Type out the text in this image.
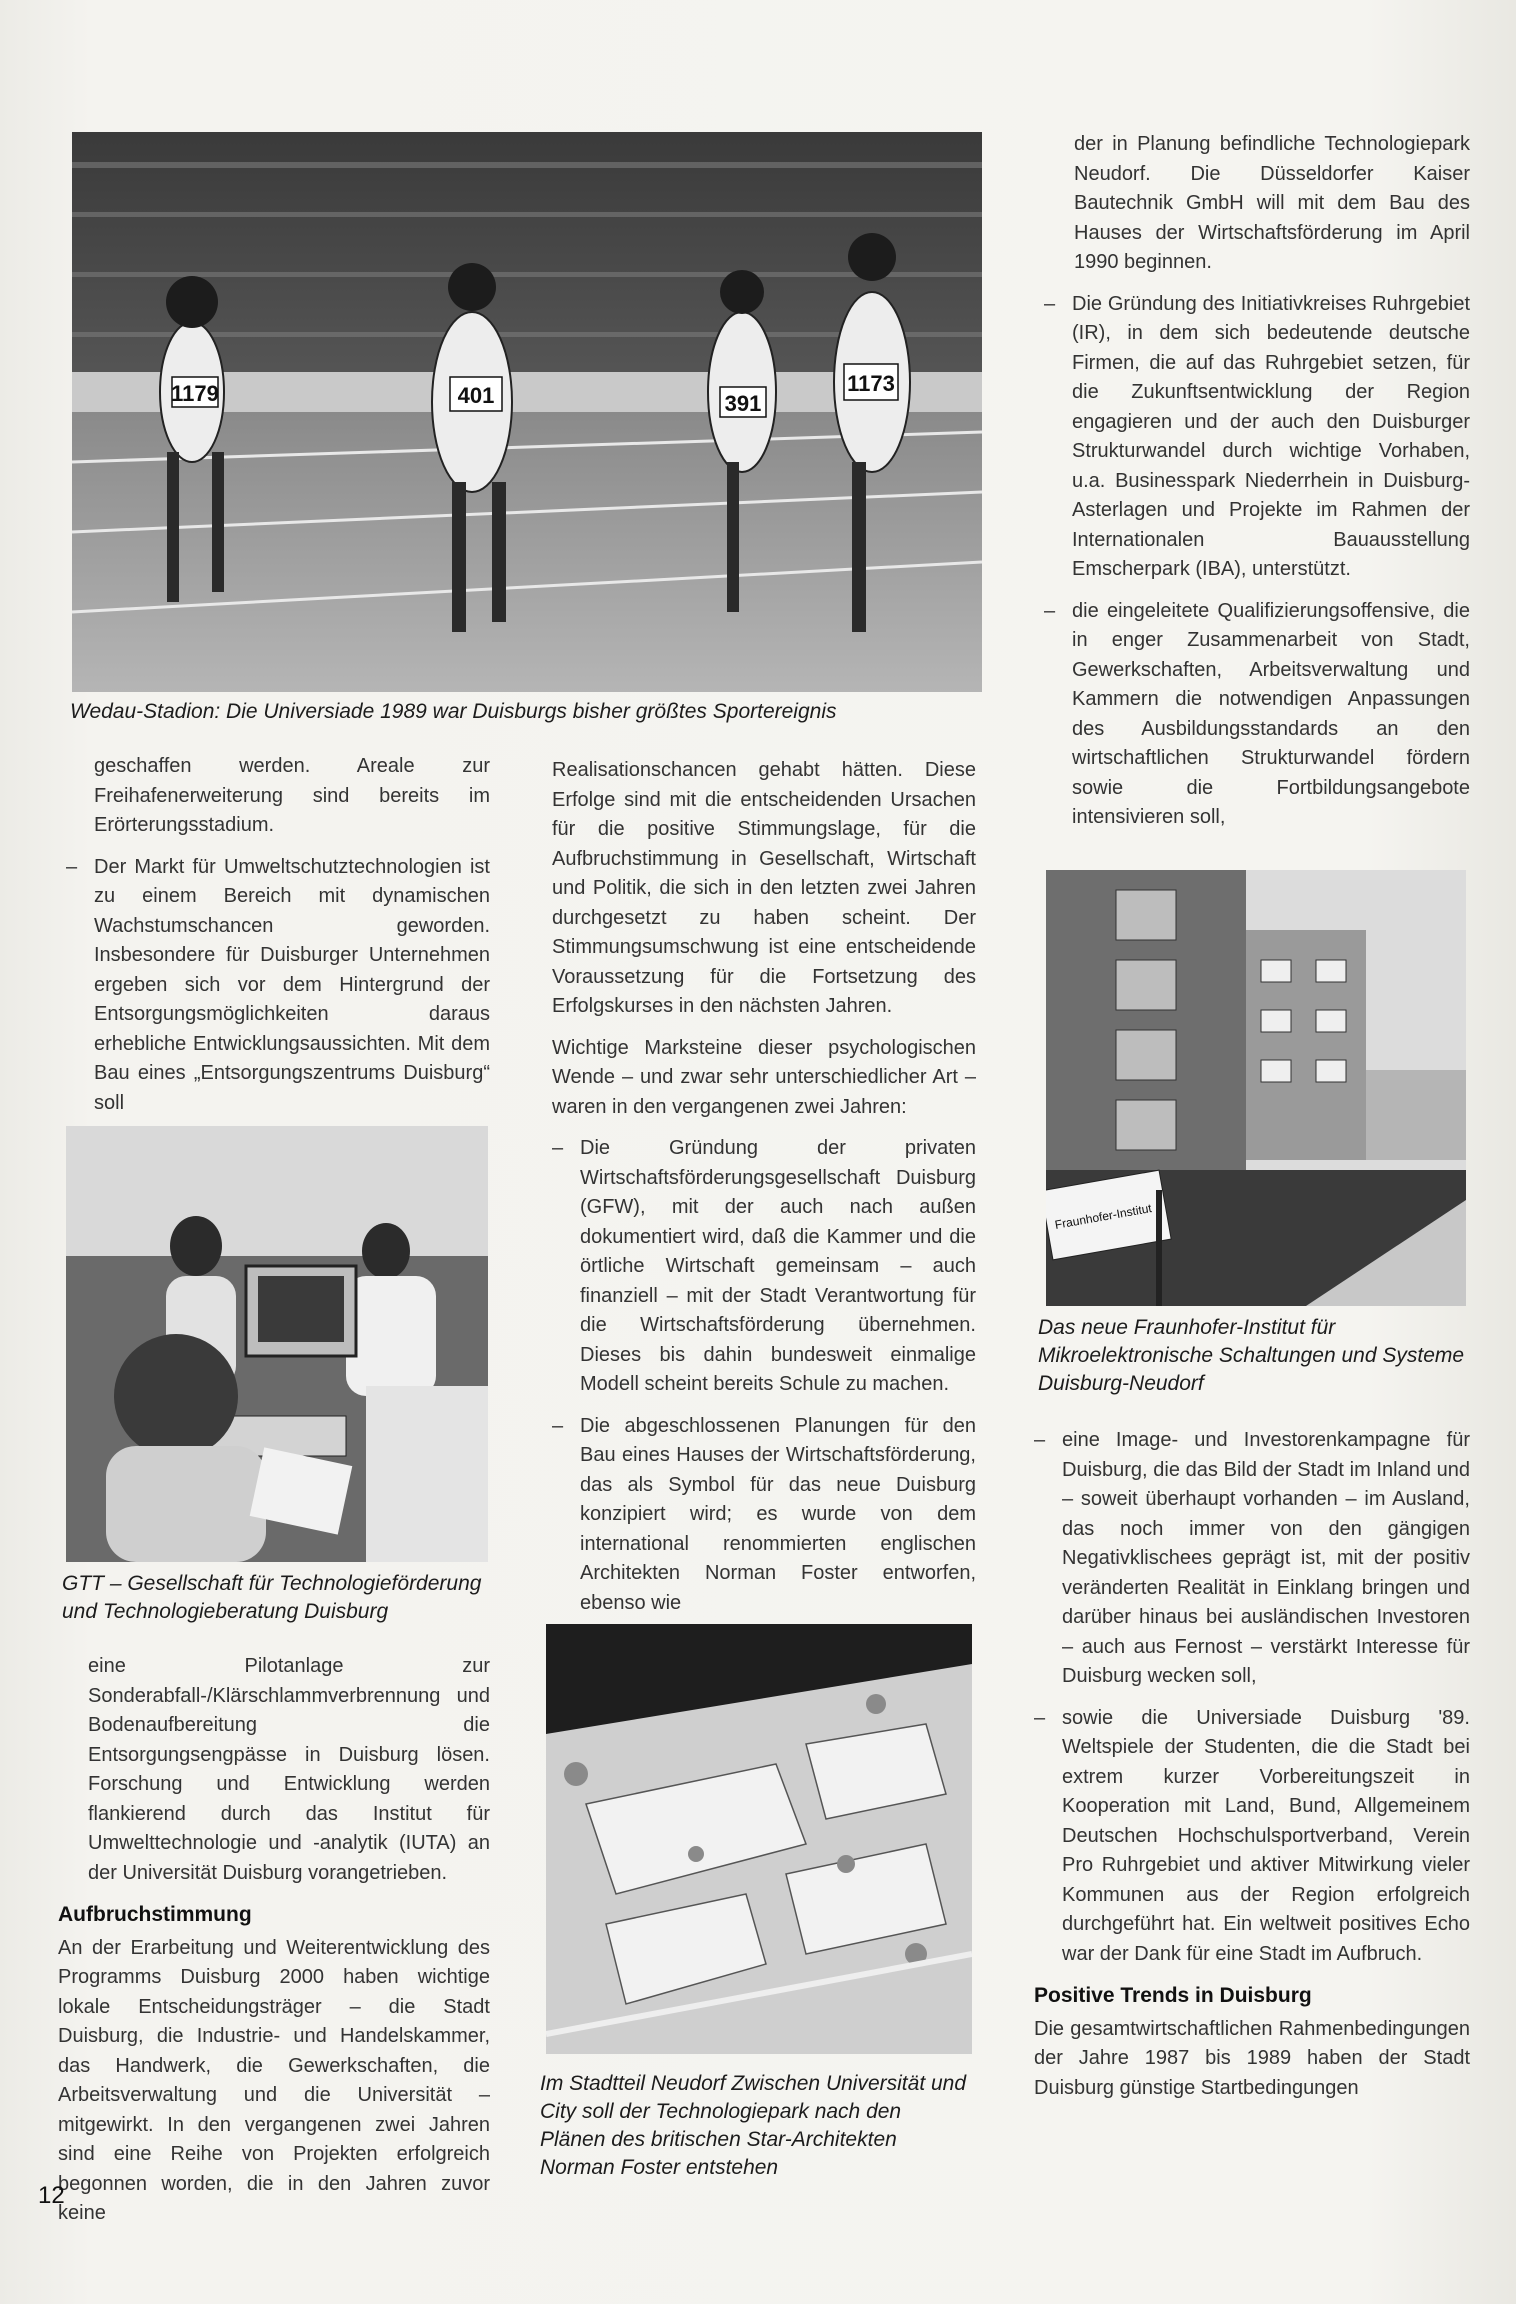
1179	401	391
1173

Wedau-Stadion: Die Universiade 1989 war Duisburgs bisher größtes Sportereignis

geschaffen werden. Areale zur Freihafenerweiterung sind bereits im Erörterungsstadium.

– Der Markt für Umweltschutztechnologien ist zu einem Bereich mit dynamischen Wachstumschancen geworden. Insbesondere für Duisburger Unternehmen ergeben sich vor dem Hintergrund der Entsorgungsmöglichkeiten daraus erhebliche Entwicklungsaussichten. Mit dem Bau eines „Entsorgungszentrums Duisburg“ soll

GTT – Gesellschaft für Technologieförderung und Technologieberatung Duisburg

eine Pilotanlage zur Sonderabfall-/Klärschlammverbrennung und Bodenaufbereitung die Entsorgungsengpässe in Duisburg lösen. Forschung und Entwicklung werden flankierend durch das Institut für Umwelttechnologie und -analytik (IUTA) an der Universität Duisburg vorangetrieben.

Aufbruchstimmung

An der Erarbeitung und Weiterentwicklung des Programms Duisburg 2000 haben wichtige lokale Entscheidungsträger – die Stadt Duisburg, die Industrie- und Handelskammer, das Handwerk, die Gewerkschaften, die Arbeitsverwaltung und die Universität – mitgewirkt. In den vergangenen zwei Jahren sind eine Reihe von Projekten erfolgreich begonnen worden, die in den Jahren zuvor keine

Realisationschancen gehabt hätten. Diese Erfolge sind mit die entscheidenden Ursachen für die positive Stimmungslage, für die Aufbruchstimmung in Gesellschaft, Wirtschaft und Politik, die sich in den letzten zwei Jahren durchgesetzt zu haben scheint. Der Stimmungsumschwung ist eine entscheidende Voraussetzung für die Fortsetzung des Erfolgskurses in den nächsten Jahren.

Wichtige Marksteine dieser psychologischen Wende – und zwar sehr unterschiedlicher Art – waren in den vergangenen zwei Jahren:

– Die Gründung der privaten Wirtschaftsförderungsgesellschaft Duisburg (GFW), mit der auch nach außen dokumentiert wird, daß die Kammer und die örtliche Wirtschaft gemeinsam – auch finanziell – mit der Stadt Verantwortung für die Wirtschaftsförderung übernehmen. Dieses bis dahin bundesweit einmalige Modell scheint bereits Schule zu machen.
– Die abgeschlossenen Planungen für den Bau eines Hauses der Wirtschaftsförderung, das als Symbol für das neue Duisburg konzipiert wird; es wurde von dem international renommierten englischen Architekten Norman Foster entworfen, ebenso wie

Im Stadtteil Neudorf Zwischen Universität und City soll der Technologiepark nach den Plänen des britischen Star-Architekten Norman Foster entstehen

der in Planung befindliche Technologiepark Neudorf. Die Düsseldorfer Kaiser Bautechnik GmbH will mit dem Bau des Hauses der Wirtschaftsförderung im April 1990 beginnen.

– Die Gründung des Initiativkreises Ruhrgebiet (IR), in dem sich bedeutende deutsche Firmen, die auf das Ruhrgebiet setzen, für die Zukunftsentwicklung der Region engagieren und der auch den Duisburger Strukturwandel durch wichtige Vorhaben, u.a. Businesspark Niederrhein in Duisburg-Asterlagen und Projekte im Rahmen der Internationalen Bauausstellung Emscherpark (IBA), unterstützt.
– die eingeleitete Qualifizierungsoffensive, die in enger Zusammenarbeit von Stadt, Gewerkschaften, Arbeitsverwaltung und Kammern die notwendigen Anpassungen des Ausbildungsstandards an den wirtschaftlichen Strukturwandel fördern sowie die Fortbildungsangebote intensivieren soll,
Fraunhofer-Institut

Das neue Fraunhofer-Institut für Mikroelektronische Schaltungen und Systeme Duisburg-Neudorf

– eine Image- und Investorenkampagne für Duisburg, die das Bild der Stadt im Inland und – soweit überhaupt vorhanden – im Ausland, das noch immer von den gängigen Negativklischees geprägt ist, mit der positiv veränderten Realität in Einklang bringen und darüber hinaus bei ausländischen Investoren – auch aus Fernost – verstärkt Interesse für Duisburg wecken soll,
– sowie die Universiade Duisburg '89. Weltspiele der Studenten, die die Stadt bei extrem kurzer Vorbereitungszeit in Kooperation mit Land, Bund, Allgemeinem Deutschen Hochschulsportverband, Verein Pro Ruhrgebiet und aktiver Mitwirkung vieler Kommunen aus der Region erfolgreich durchgeführt hat. Ein weltweit positives Echo war der Dank für eine Stadt im Aufbruch.
Positive Trends in Duisburg

Die gesamtwirtschaftlichen Rahmenbedingungen der Jahre 1987 bis 1989 haben der Stadt Duisburg günstige Startbedingungen

12
